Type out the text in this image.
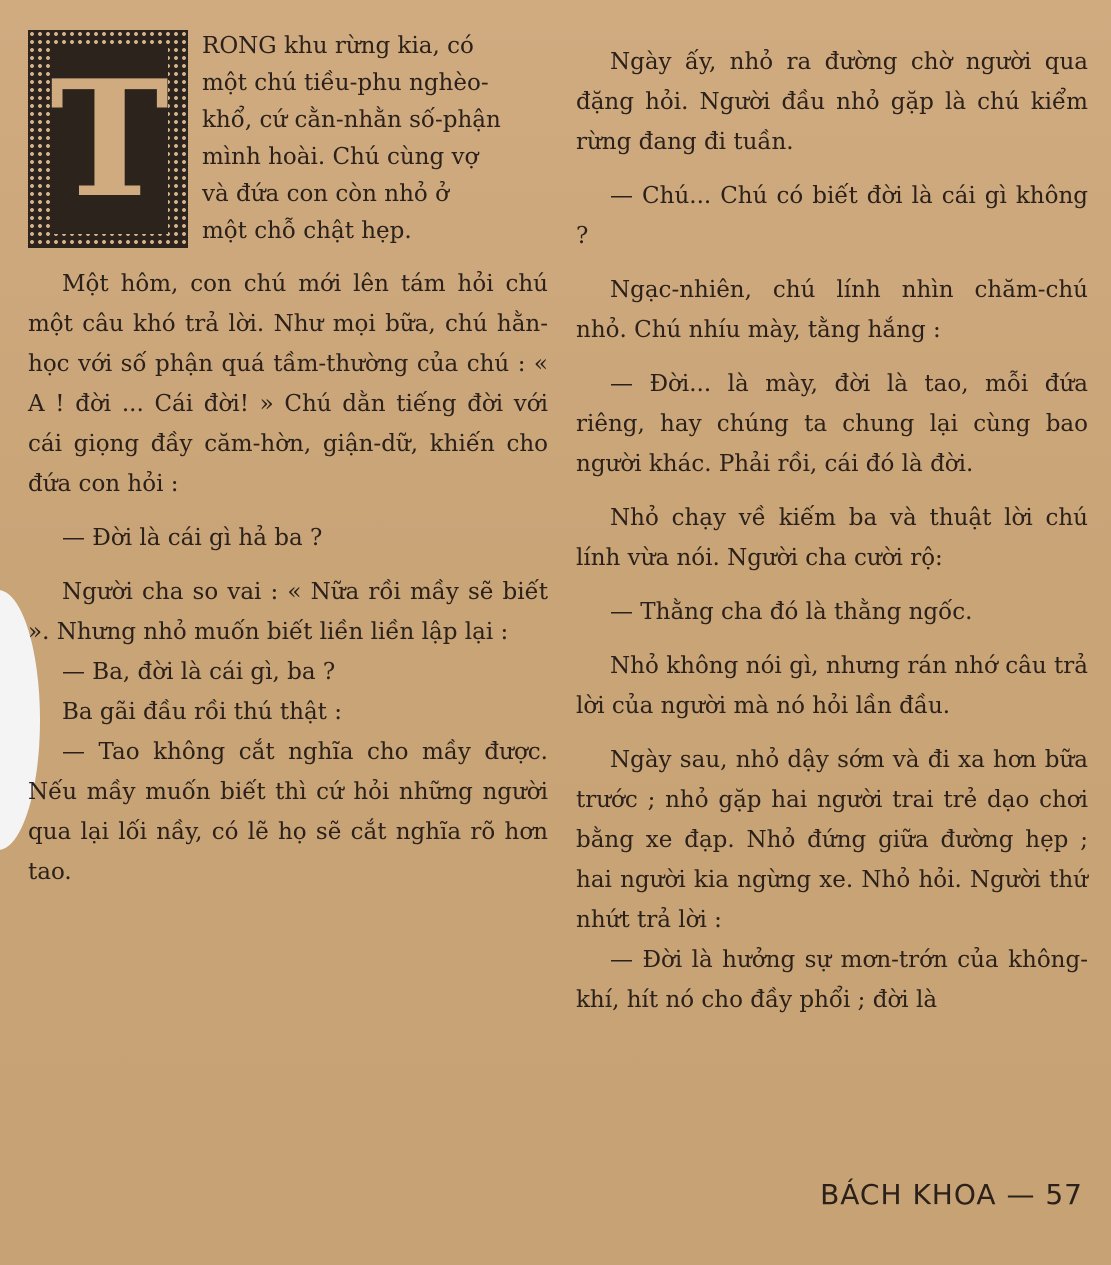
T RONG khu rừng kia, có

một chú tiều-phu nghèo-

khổ, cứ cằn-nhằn số-phận

mình hoài. Chú cùng vợ

và đứa con còn nhỏ ở

một chỗ chật hẹp.

Một hôm, con chú mới lên tám hỏi chú một câu khó trả lời. Như mọi bữa, chú hằn-học với số phận quá tầm-thường của chú : « A ! đời ... Cái đời! » Chú dằn tiếng đời với cái giọng đầy căm-hờn, giận-dữ, khiến cho đứa con hỏi :

— Đời là cái gì hả ba ?

Người cha so vai : « Nữa rồi mầy sẽ biết ». Nhưng nhỏ muốn biết liền liền lập lại :

— Ba, đời là cái gì, ba ?

Ba gãi đầu rồi thú thật :

— Tao không cắt nghĩa cho mầy được. Nếu mầy muốn biết thì cứ hỏi những người qua lại lối nầy, có lẽ họ sẽ cắt nghĩa rõ hơn tao.

Ngày ấy, nhỏ ra đường chờ người qua đặng hỏi. Người đầu nhỏ gặp là chú kiểm rừng đang đi tuần.

— Chú... Chú có biết đời là cái gì không ?

Ngạc-nhiên, chú lính nhìn chăm-chú nhỏ. Chú nhíu mày, tằng hắng :

— Đời... là mày, đời là tao, mỗi đứa riêng, hay chúng ta chung lại cùng bao người khác. Phải rồi, cái đó là đời.

Nhỏ chạy về kiếm ba và thuật lời chú lính vừa nói. Người cha cười rộ:

— Thằng cha đó là thằng ngốc.

Nhỏ không nói gì, nhưng rán nhớ câu trả lời của người mà nó hỏi lần đầu.

Ngày sau, nhỏ dậy sớm và đi xa hơn bữa trước ; nhỏ gặp hai người trai trẻ dạo chơi bằng xe đạp. Nhỏ đứng giữa đường hẹp ; hai người kia ngừng xe. Nhỏ hỏi. Người thứ nhứt trả lời :

— Đời là hưởng sự mơn-trớn của không-khí, hít nó cho đầy phổi ; đời là

BÁCH KHOA — 57
